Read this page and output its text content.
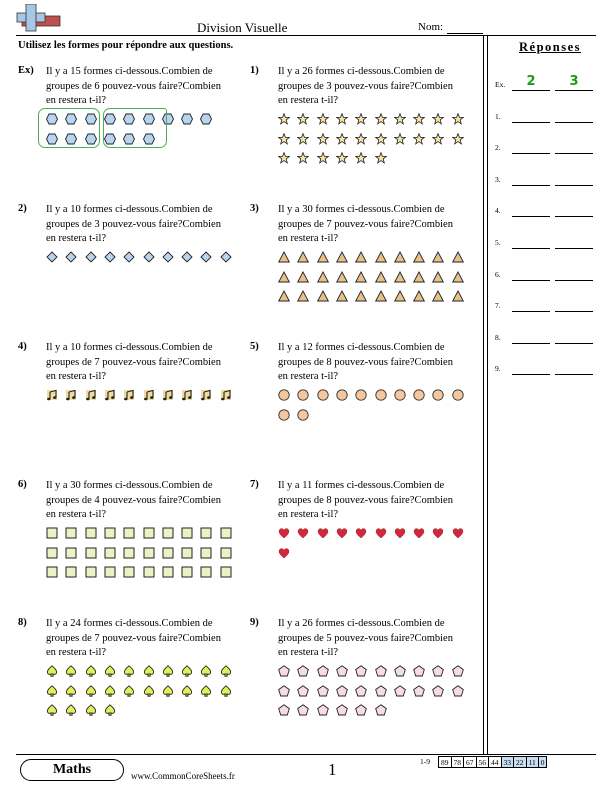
Division Visuelle	Nom:
Utilisez les formes pour répondre aux questions.
Ex) Il y a 15 formes ci-dessous.Combien de
groupes de 6 pouvez-vous faire?Combien
en restera t-il?
1) Il y a 26 formes ci-dessous.Combien de
groupes de 3 pouvez-vous faire?Combien
en restera t-il?
2) Il y a 10 formes ci-dessous.Combien de
groupes de 3 pouvez-vous faire?Combien
en restera t-il?
3) Il y a 30 formes ci-dessous.Combien de
groupes de 7 pouvez-vous faire?Combien
en restera t-il?
4) Il y a 10 formes ci-dessous.Combien de
groupes de 7 pouvez-vous faire?Combien
en restera t-il?
5) Il y a 12 formes ci-dessous.Combien de
groupes de 8 pouvez-vous faire?Combien
en restera t-il?
6) Il y a 30 formes ci-dessous.Combien de
groupes de 4 pouvez-vous faire?Combien
en restera t-il?
7) Il y a 11 formes ci-dessous.Combien de
groupes de 8 pouvez-vous faire?Combien
en restera t-il?
8) Il y a 24 formes ci-dessous.Combien de
groupes de 7 pouvez-vous faire?Combien
en restera t-il?
9) Il y a 26 formes ci-dessous.Combien de
groupes de 5 pouvez-vous faire?Combien
en restera t-il?
Réponses
Ex.	2	3
1.
2.
3.
4.
5.
6.
7.
8.
9.
Maths	www.CommonCoreSheets.fr	1	1-9	89 78 67 56 44 33 22 11 0
